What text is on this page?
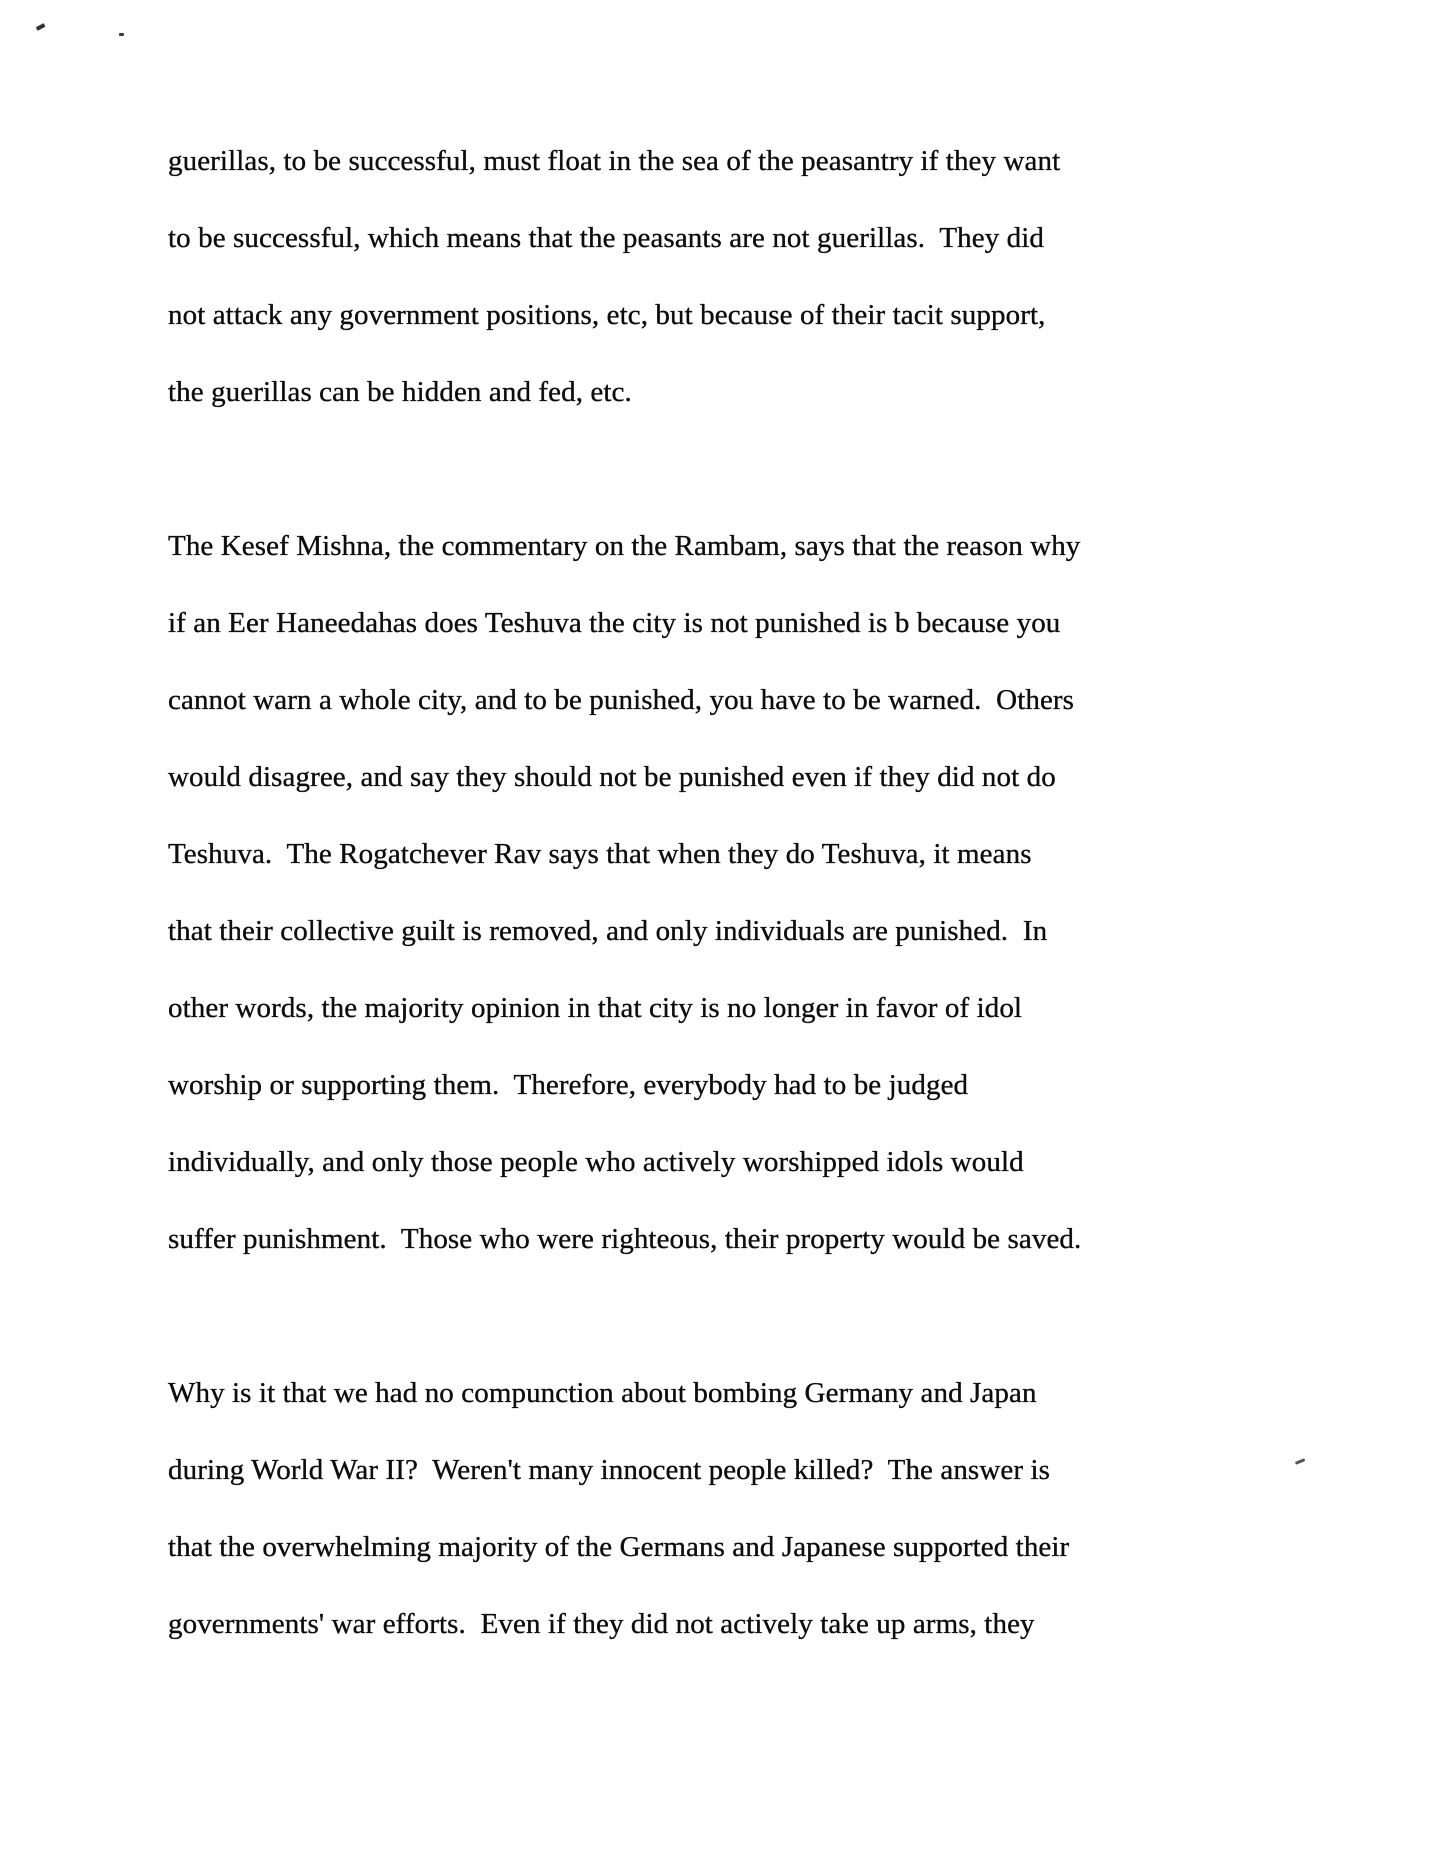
guerillas, to be successful, must float in the sea of the peasantry if they want
to be successful, which means that the peasants are not guerillas.  They did
not attack any government positions, etc, but because of their tacit support,
the guerillas can be hidden and fed, etc.
The Kesef Mishna, the commentary on the Rambam, says that the reason why
if an Eer Haneedahas does Teshuva the city is not punished is b because you
cannot warn a whole city, and to be punished, you have to be warned.  Others
would disagree, and say they should not be punished even if they did not do
Teshuva.  The Rogatchever Rav says that when they do Teshuva, it means
that their collective guilt is removed, and only individuals are punished.  In
other words, the majority opinion in that city is no longer in favor of idol
worship or supporting them.  Therefore, everybody had to be judged
individually, and only those people who actively worshipped idols would
suffer punishment.  Those who were righteous, their property would be saved.
Why is it that we had no compunction about bombing Germany and Japan
during World War II?  Weren't many innocent people killed?  The answer is
that the overwhelming majority of the Germans and Japanese supported their
governments' war efforts.  Even if they did not actively take up arms, they
